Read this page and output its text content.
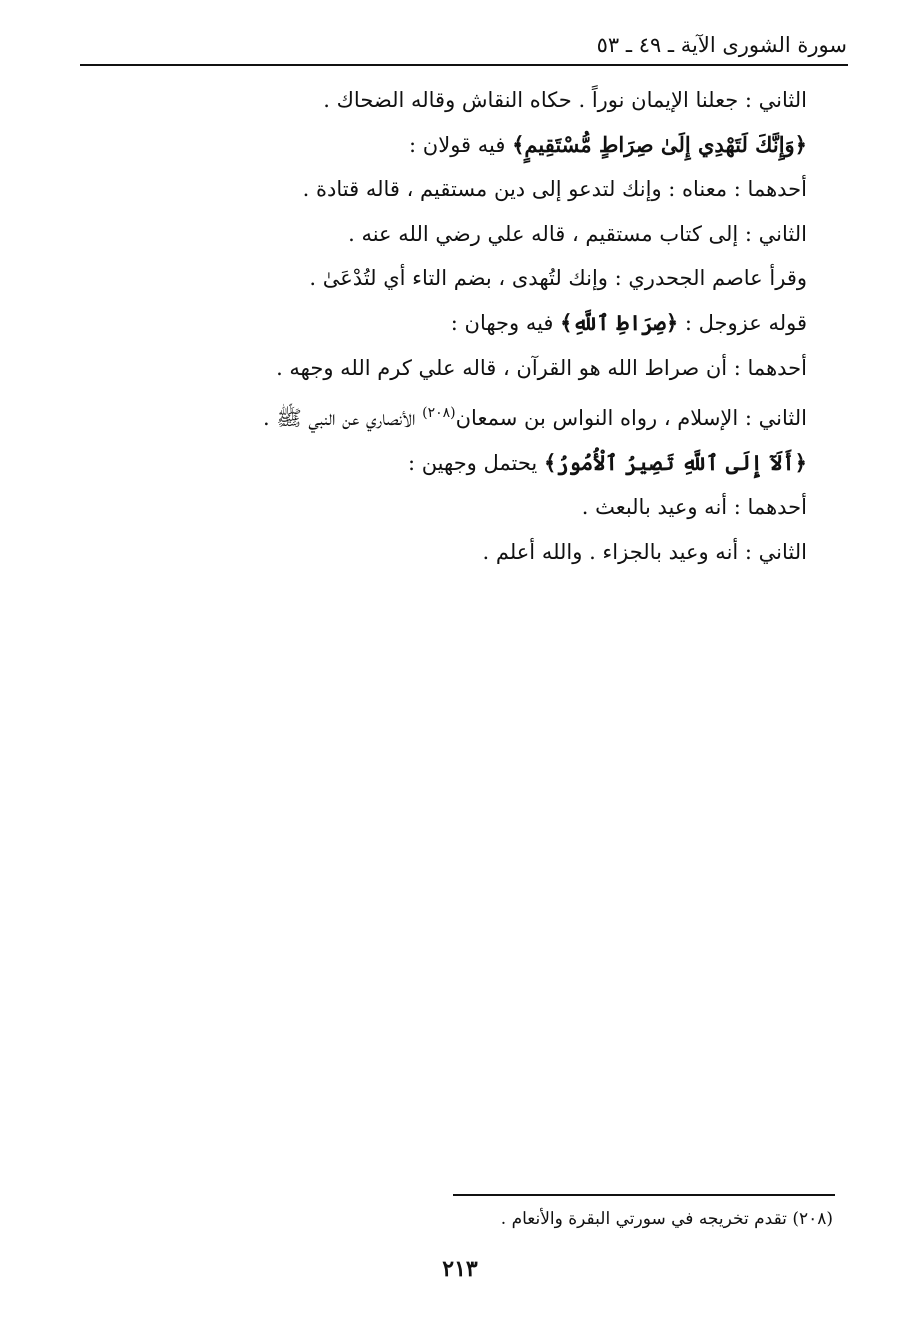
سورة الشورى الآية ـ ٤٩ ـ ٥٣
الثاني : جعلنا الإيمان نوراً . حكاه النقاش وقاله الضحاك .
﴿وَإِنَّكَ لَتَهْدِي إِلَىٰ صِرَاطٍ مُّسْتَقِيمٍ﴾ فيه قولان :
أحدهما : معناه : وإنك لتدعو إلى دين مستقيم ، قاله قتادة .
الثاني : إلى كتاب مستقيم ، قاله علي رضي الله عنه .
وقرأ عاصم الجحدري : وإنك لتُهدى ، بضم التاء أي لتُدْعَىٰ .
قوله عزوجل : ﴿صِرَاطِ ٱللَّهِ﴾ فيه وجهان :
أحدهما : أن صراط الله هو القرآن ، قاله علي كرم الله وجهه .
الثاني : الإسلام ، رواه النواس بن سمعان$^{(٢٠٨)}$ الأنصاري عن النبي ﷺ .
﴿أَلَآ إِلَى ٱللَّهِ تَصِيرُ ٱلْأُمُورُ﴾ يحتمل وجهين :
أحدهما : أنه وعيد بالبعث .
الثاني : أنه وعيد بالجزاء . والله أعلم .
(٢٠٨) تقدم تخريجه في سورتي البقرة والأنعام .
٢١٣
